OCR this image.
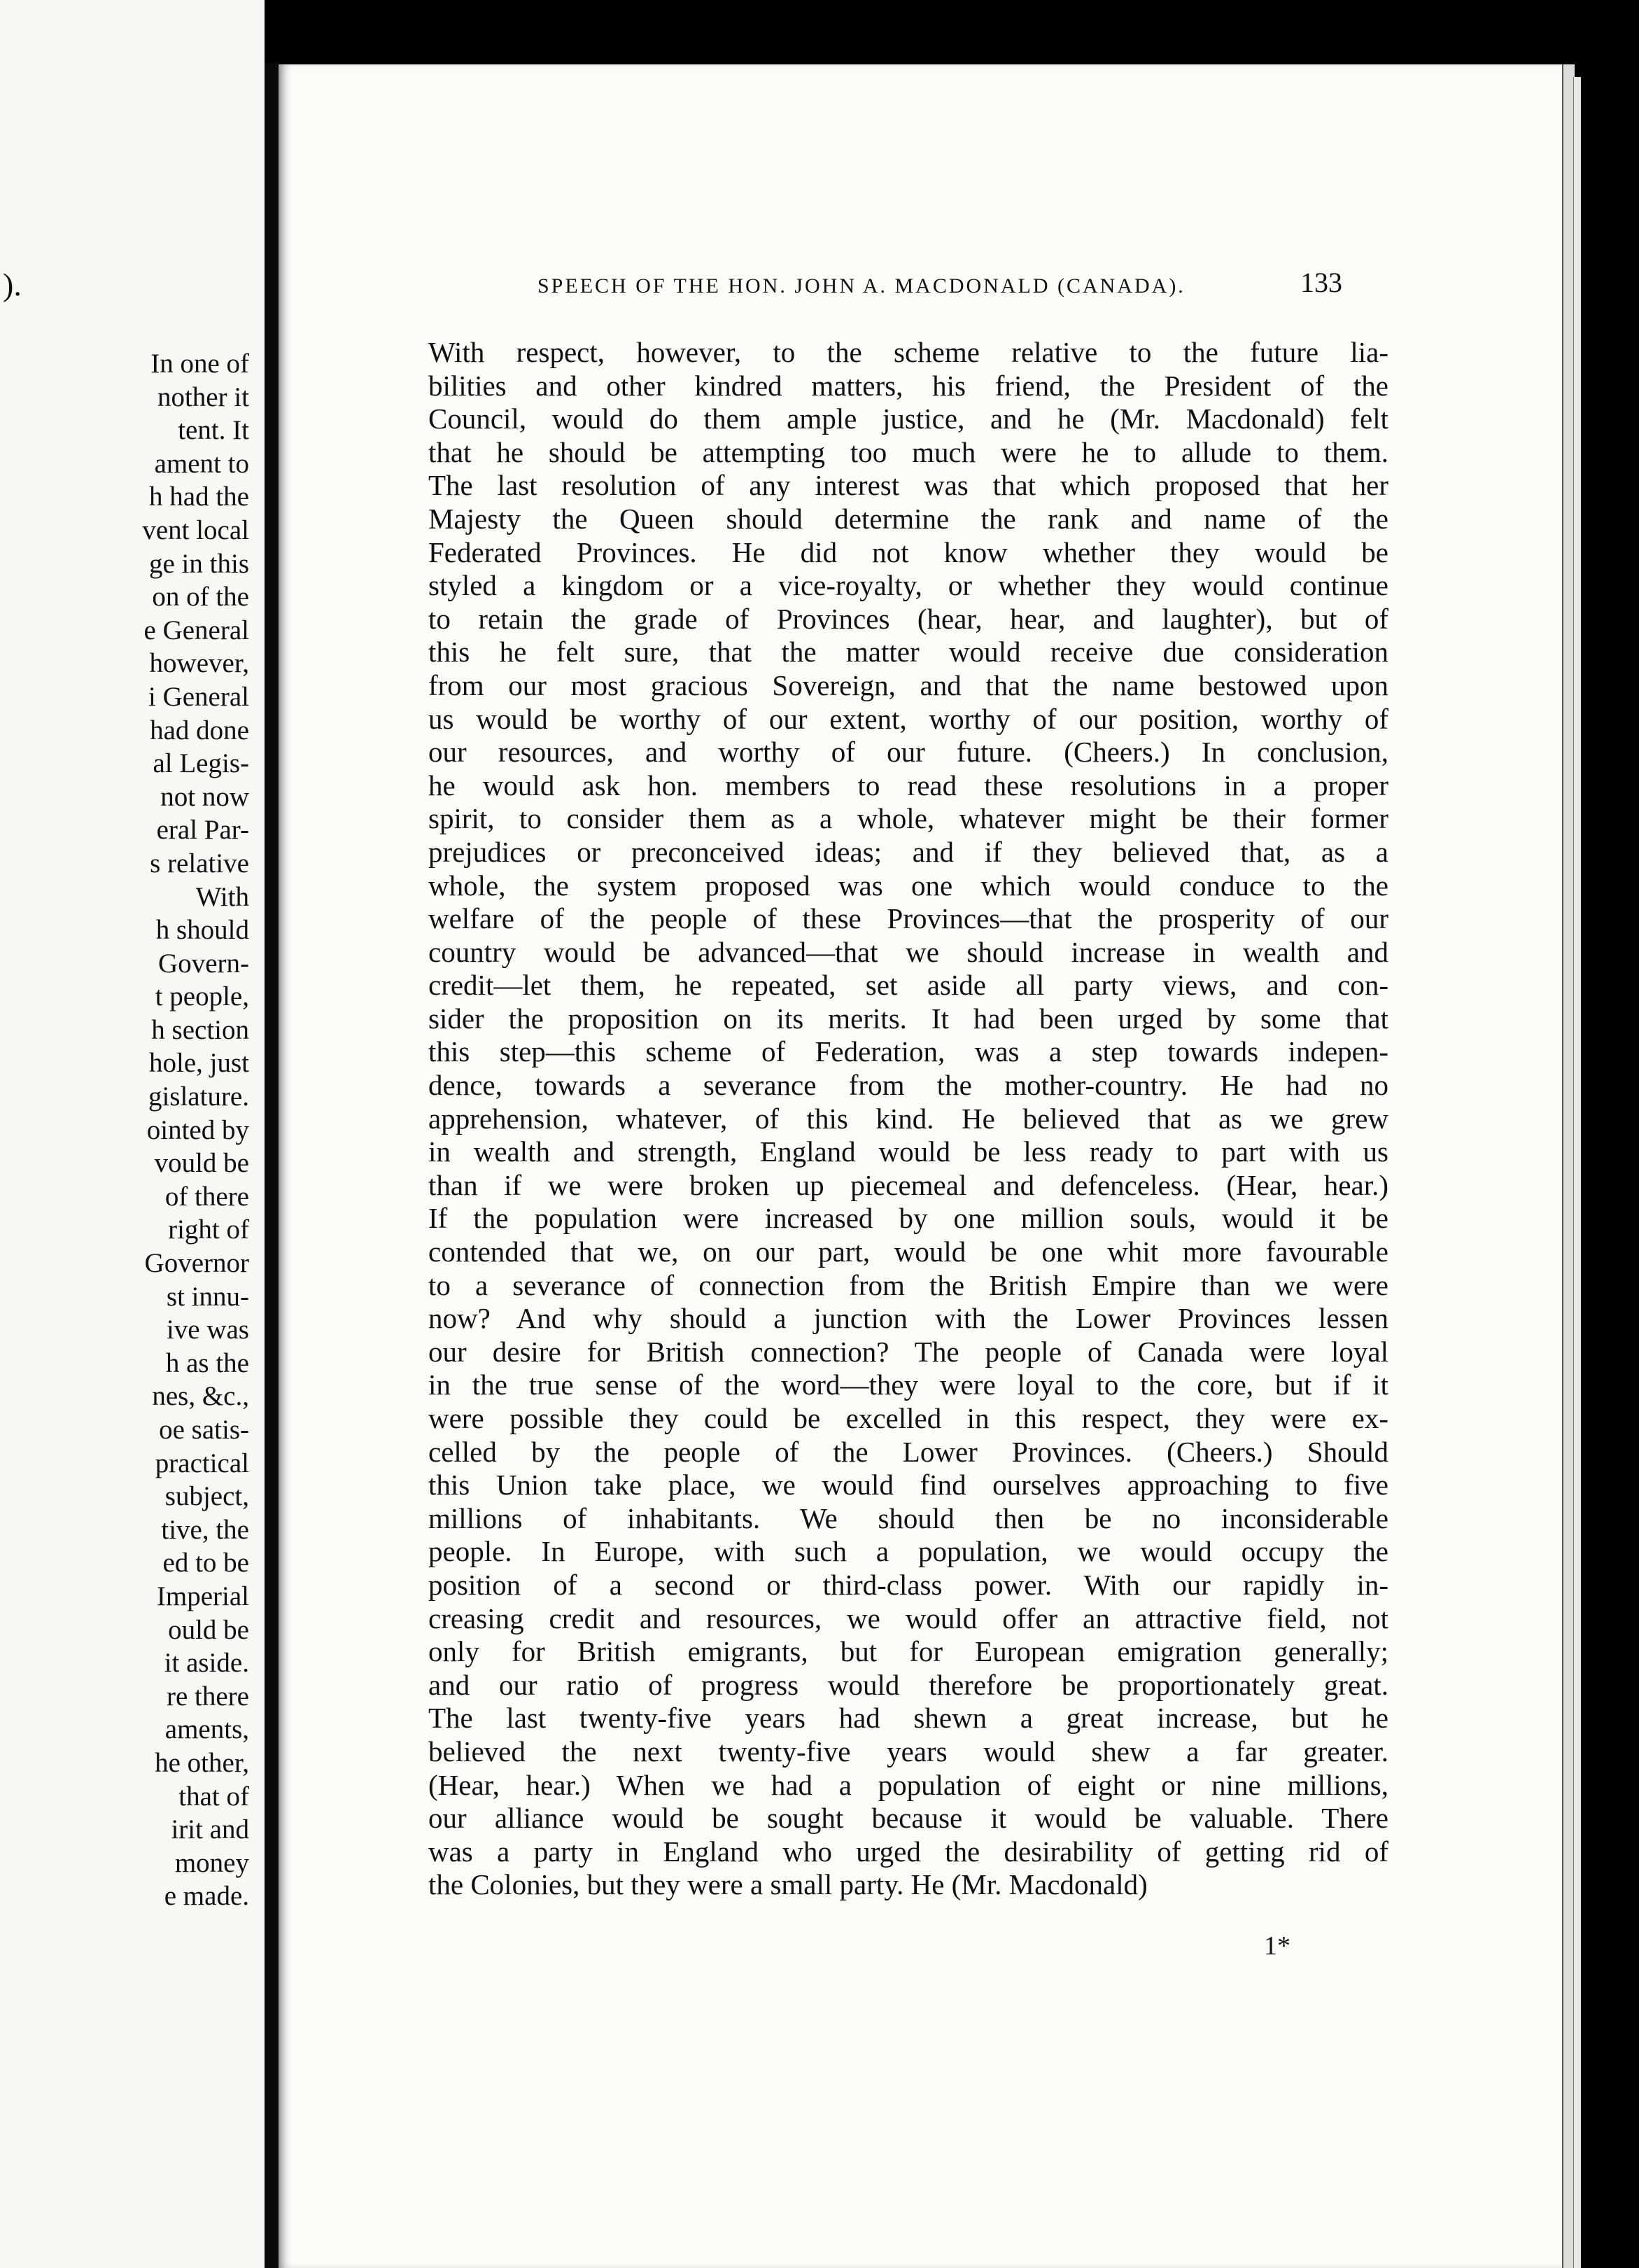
).
In one of
nother it
tent. It
ament to
h had the
vent local
ge in this
on of the
e General
however,
i General
had done
al Legis-
not now
eral Par-
s relative
With
h should
Govern-
t people,
h section
hole, just
gislature.
ointed by
vould be
of there
right of
Governor
st innu-
ive was
h as the
nes, &c.,
oe satis-
practical
subject,
tive, the
ed to be
Imperial
ould be
it aside.
re there
aments,
he other,
that of
irit and
money
e made.
SPEECH OF THE HON. JOHN A. MACDONALD (CANADA).	133
With respect, however, to the scheme relative to the future lia-
bilities and other kindred matters, his friend, the President of the
Council, would do them ample justice, and he (Mr. Macdonald) felt
that he should be attempting too much were he to allude to them.
The last resolution of any interest was that which proposed that her
Majesty the Queen should determine the rank and name of the
Federated Provinces. He did not know whether they would be
styled a kingdom or a vice-royalty, or whether they would continue
to retain the grade of Provinces (hear, hear, and laughter), but of
this he felt sure, that the matter would receive due consideration
from our most gracious Sovereign, and that the name bestowed upon
us would be worthy of our extent, worthy of our position, worthy of
our resources, and worthy of our future. (Cheers.) In conclusion,
he would ask hon. members to read these resolutions in a proper
spirit, to consider them as a whole, whatever might be their former
prejudices or preconceived ideas; and if they believed that, as a
whole, the system proposed was one which would conduce to the
welfare of the people of these Provinces—that the prosperity of our
country would be advanced—that we should increase in wealth and
credit—let them, he repeated, set aside all party views, and con-
sider the proposition on its merits. It had been urged by some that
this step—this scheme of Federation, was a step towards indepen-
dence, towards a severance from the mother-country. He had no
apprehension, whatever, of this kind. He believed that as we grew
in wealth and strength, England would be less ready to part with us
than if we were broken up piecemeal and defenceless. (Hear, hear.)
If the population were increased by one million souls, would it be
contended that we, on our part, would be one whit more favourable
to a severance of connection from the British Empire than we were
now? And why should a junction with the Lower Provinces lessen
our desire for British connection? The people of Canada were loyal
in the true sense of the word—they were loyal to the core, but if it
were possible they could be excelled in this respect, they were ex-
celled by the people of the Lower Provinces. (Cheers.) Should
this Union take place, we would find ourselves approaching to five
millions of inhabitants. We should then be no inconsiderable
people. In Europe, with such a population, we would occupy the
position of a second or third-class power. With our rapidly in-
creasing credit and resources, we would offer an attractive field, not
only for British emigrants, but for European emigration generally;
and our ratio of progress would therefore be proportionately great.
The last twenty-five years had shewn a great increase, but he
believed the next twenty-five years would shew a far greater.
(Hear, hear.) When we had a population of eight or nine millions,
our alliance would be sought because it would be valuable. There
was a party in England who urged the desirability of getting rid of
the Colonies, but they were a small party. He (Mr. Macdonald)
1*
